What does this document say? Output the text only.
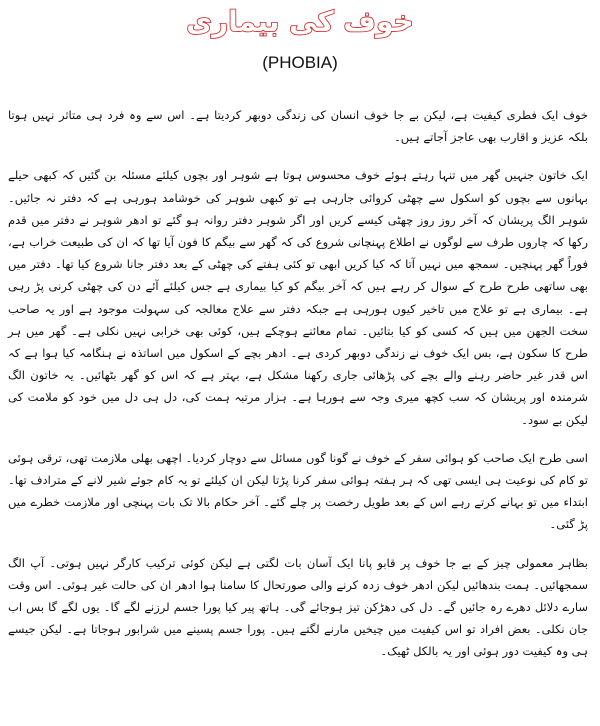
خوف کی بیماری
(PHOBIA)

خوف ایک فطری کیفیت ہے، لیکن بے جا خوف انسان کی زندگی دوبھر کردیتا ہے۔ اس سے وہ فرد ہی متاثر نہیں ہوتا بلکہ عزیز و اقارب بھی عاجز آجاتے ہیں۔

ایک خاتون جنہیں گھر میں تنہا رہتے ہوئے خوف محسوس ہوتا ہے شوہر اور بچوں کیلئے مسئلہ بن گئیں کہ کبھی حیلے بہانوں سے بچوں کو اسکول سے چھٹی کروائی جارہی ہے تو کبھی شوہر کی خوشامد ہورہی ہے کہ دفتر نہ جائیں۔ شوہر الگ پریشان کہ آخر روز روز چھٹی کیسے کریں اور اگر شوہر دفتر روانہ ہو گئے تو ادھر شوہر نے دفتر میں قدم رکھا کہ چاروں طرف سے لوگوں نے اطلاع پہنچانی شروع کی کہ گھر سے بیگم کا فون آیا تھا کہ ان کی طبیعت خراب ہے، فوراً گھر پہنچیں۔ سمجھ میں نہیں آتا کہ کیا کریں ابھی تو کئی ہفتے کی چھٹی کے بعد دفتر جانا شروع کیا تھا۔ دفتر میں بھی ساتھی طرح طرح کے سوال کر رہے ہیں کہ آخر بیگم کو کیا بیماری ہے جس کیلئے آئے دن کی چھٹی کرنی پڑ رہی ہے۔ بیماری ہے تو علاج میں تاخیر کیوں ہورہی ہے جبکہ دفتر سے علاج معالجہ کی سہولت موجود ہے اور یہ صاحب سخت الجھن میں ہیں کہ کسی کو کیا بتائیں۔ تمام معائنے ہوچکے ہیں، کوئی بھی خرابی نہیں نکلی ہے۔ گھر میں ہر طرح کا سکون ہے، بس ایک خوف نے زندگی دوبھر کردی ہے۔ ادھر بچے کے اسکول میں اساتذہ نے ہنگامہ کیا ہوا ہے کہ اس قدر غیر حاضر رہنے والے بچے کی پڑھائی جاری رکھنا مشکل ہے، بہتر ہے کہ اس کو گھر بٹھائیں۔ یہ خاتون الگ شرمندہ اور پریشان کہ سب کچھ میری وجہ سے ہورہا ہے۔ ہزار مرتبہ ہمت کی، دل ہی دل میں خود کو ملامت کی لیکن بے سود۔

اسی طرح ایک صاحب کو ہوائی سفر کے خوف نے گونا گوں مسائل سے دوچار کردیا۔ اچھی بھلی ملازمت تھی، ترقی ہوئی تو کام کی نوعیت ہی ایسی تھی کہ ہر ہفتہ ہوائی سفر کرنا پڑتا لیکن ان کیلئے تو یہ کام جوئے شیر لانے کے مترادف تھا۔ ابتداء میں تو بہانے کرتے رہے اس کے بعد طویل رخصت پر چلے گئے۔ آخر حکام بالا تک بات پہنچی اور ملازمت خطرے میں پڑ گئی۔

بظاہر معمولی چیز کے بے جا خوف پر قابو پانا ایک آسان بات لگتی ہے لیکن کوئی ترکیب کارگر نہیں ہوتی۔ آپ الگ سمجھائیں۔ ہمت بندھائیں لیکن ادھر خوف زدہ کرنے والی صورتحال کا سامنا ہوا ادھر ان کی حالت غیر ہوئی۔ اس وقت سارے دلائل دھرے رہ جائیں گے۔ دل کی دھڑکن تیز ہوجائے گی۔ ہاتھ پیر کیا پورا جسم لرزنے لگے گا۔ یوں لگے گا بس اب جان نکلی۔ بعض افراد تو اس کیفیت میں چیخیں مارنے لگتے ہیں۔ پورا جسم پسینے میں شرابور ہوجاتا ہے۔ لیکن جیسے ہی وہ کیفیت دور ہوئی اور یہ بالکل ٹھیک۔
